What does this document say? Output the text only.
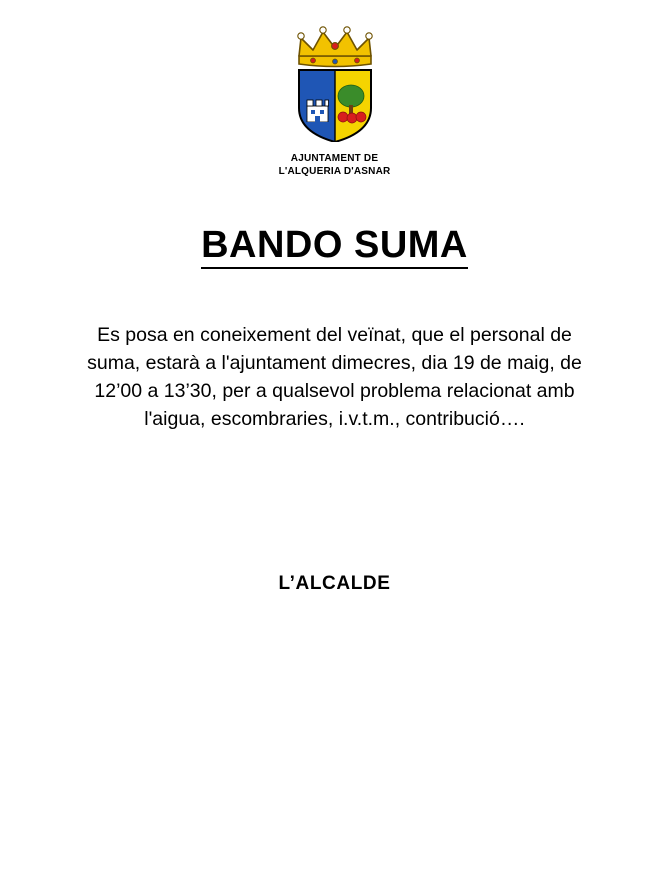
AJUNTAMENT DE
L'ALQUERIA D'ASNAR
BANDO SUMA

Es posa en coneixement del veïnat, que el personal de suma, estarà a l'ajuntament dimecres, dia 19 de maig, de 12’00 a 13’30, per a qualsevol problema relacionat amb l'aigua, escombraries, i.v.t.m., contribució….

L’ALCALDE
